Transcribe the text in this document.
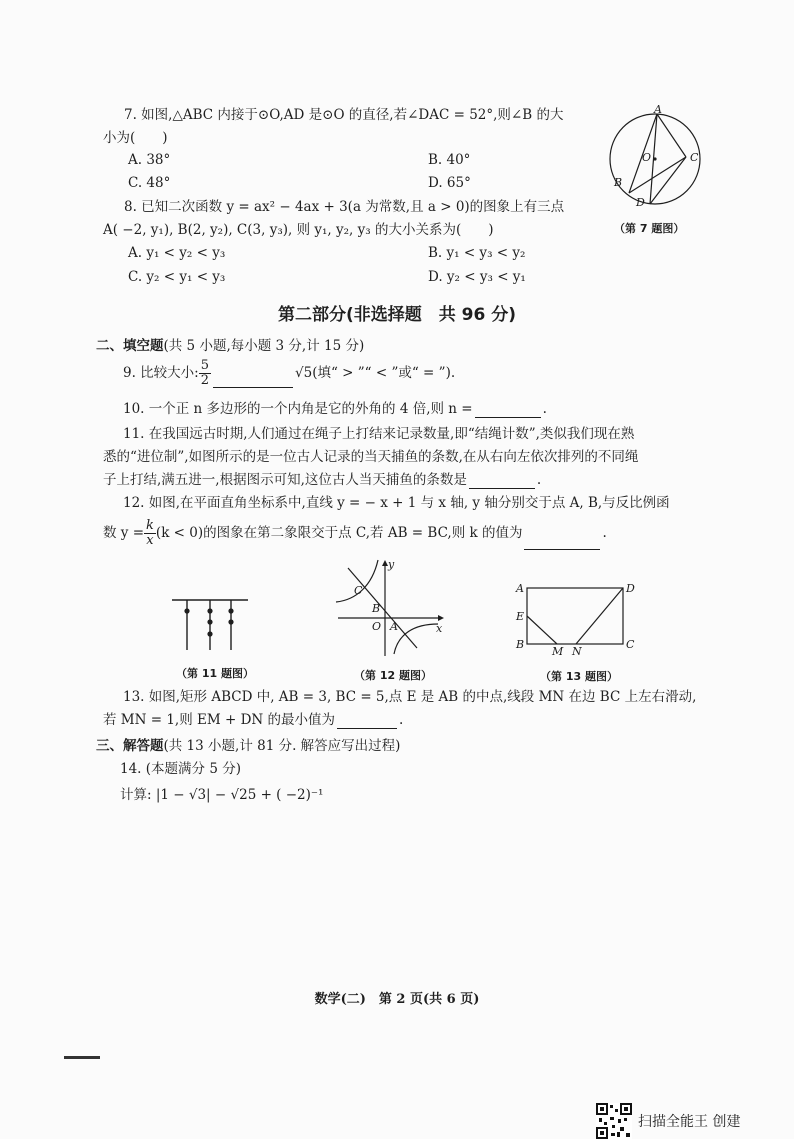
7. 如图,△ABC 内接于⊙O,AD 是⊙O 的直径,若∠DAC = 52°,则∠B 的大
小为(　　)
A. 38°	B. 40°
C. 48°	D. 65°
A
C
O
B
D
（第 7 题图）
8. 已知二次函数 y = ax² − 4ax + 3(a 为常数,且 a > 0)的图象上有三点
A( −2, y₁), B(2, y₂), C(3, y₃), 则 y₁, y₂, y₃ 的大小关系为(　　)
A. y₁ < y₂ < y₃	B. y₁ < y₃ < y₂
C. y₂ < y₁ < y₃	D. y₂ < y₃ < y₁
第二部分(非选择题　共 96 分)
二、填空题(共 5 小题,每小题 3 分,计 15 分)
9. 比较大小: $\frac{5}{2}$	√5(填“ > ”“ < ”或“ = ”).
10. 一个正 n 多边形的一个内角是它的外角的 4 倍,则 n =	.
11. 在我国远古时期,人们通过在绳子上打结来记录数量,即“结绳计数”,类似我们现在熟
悉的“进位制”,如图所示的是一位古人记录的当天捕鱼的条数,在从右向左依次排列的不同绳
子上打结,满五进一,根据图示可知,这位古人当天捕鱼的条数是	.
12. 如图,在平面直角坐标系中,直线 y = − x + 1 与 x 轴, y 轴分别交于点 A, B,与反比例函
数 $y = \frac{k}{x} (k < 0)$的图象在第二象限交于点 C,若 AB = BC,则 k 的值为	.
（第 11 题图）
y
x
C
B
O A
（第 12 题图）
A	D
E
B	C
M N
（第 13 题图）
13. 如图,矩形 ABCD 中, AB = 3, BC = 5,点 E 是 AB 的中点,线段 MN 在边 BC 上左右滑动,
若 MN = 1,则 EM + DN 的最小值为	.
三、解答题(共 13 小题,计 81 分. 解答应写出过程)
14. (本题满分 5 分)
计算: |1 − √3| − √25 + ( −2)⁻¹
数学(二)　第 2 页(共 6 页)
扫描全能王 创建
